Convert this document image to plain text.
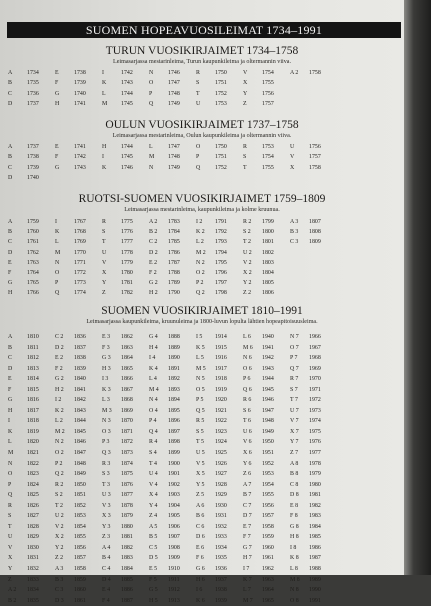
SUOMEN HOPEAVUOSILEIMAT 1734–1991
TURUN VUOSIKIRJAIMET 1734–1758
Leimasarjassa mestarinleima, Turun kaupunkileima ja oltermannin viiva.
A	1734	E	1738	I	1742	N	1746	R	1750	V	1754	A 2	1758
B	1735	F	1739	K	1743	O	1747	S	1751	X	1755
C	1736	G	1740	L	1744	P	1748	T	1752	Y	1756
D	1737	H	1741	M	1745	Q	1749	U	1753	Z	1757
OULUN VUOSIKIRJAIMET 1737–1758
Leimasarjassa mestarinleima, Oulun kaupunkileima ja oltermannin viiva.
A	1737	E	1741	H	1744	L	1747	O	1750	R	1753	U	1756
B	1738	F	1742	I	1745	M	1748	P	1751	S	1754	V	1757
C	1739	G	1743	K	1746	N	1749	Q	1752	T	1755	X	1758
D	1740
RUOTSI-SUOMEN VUOSIKIRJAIMET 1759–1809
Leimasarjassa mestarinleima, kaupunkileima ja kolme kruunua.
A	1759	I	1767	R	1775	A 2	1783	I 2	1791	R 2	1799	A 3	1807
B	1760	K	1768	S	1776	B 2	1784	K 2	1792	S 2	1800	B 3	1808
C	1761	L	1769	T	1777	C 2	1785	L 2	1793	T 2	1801	C 3	1809
D	1762	M	1770	U	1778	D 2	1786	M 2	1794	U 2	1802
E	1763	N	1771	V	1779	E 2	1787	N 2	1795	V 2	1803
F	1764	O	1772	X	1780	F 2	1788	O 2	1796	X 2	1804
G	1765	P	1773	Y	1781	G 2	1789	P 2	1797	Y 2	1805
H	1766	Q	1774	Z	1782	H 2	1790	Q 2	1798	Z 2	1806
SUOMEN VUOSIKIRJAIMET 1810–1991
Leimasarjassa kaupunkileima, kruunuleima ja 1800-luvun lopulta lähtien hopeapitoisuusleima.
A	1810	C 2	1836	E 3	1862	G 4	1888	I 5	1914	L 6	1940	N 7	1966
B	1811	D 2	1837	F 3	1863	H 4	1889	K 5	1915	M 6	1941	O 7	1967
C	1812	E 2	1838	G 3	1864	I 4	1890	L 5	1916	N 6	1942	P 7	1968
D	1813	F 2	1839	H 3	1865	K 4	1891	M 5	1917	O 6	1943	Q 7	1969
E	1814	G 2	1840	I 3	1866	L 4	1892	N 5	1918	P 6	1944	R 7	1970
F	1815	H 2	1841	K 3	1867	M 4	1893	O 5	1919	Q 6	1945	S 7	1971
G	1816	I 2	1842	L 3	1868	N 4	1894	P 5	1920	R 6	1946	T 7	1972
H	1817	K 2	1843	M 3	1869	O 4	1895	Q 5	1921	S 6	1947	U 7	1973
I	1818	L 2	1844	N 3	1870	P 4	1896	R 5	1922	T 6	1948	V 7	1974
K	1819	M 2	1845	O 3	1871	Q 4	1897	S 5	1923	U 6	1949	X 7	1975
L	1820	N 2	1846	P 3	1872	R 4	1898	T 5	1924	V 6	1950	Y 7	1976
M	1821	O 2	1847	Q 3	1873	S 4	1899	U 5	1925	X 6	1951	Z 7	1977
N	1822	P 2	1848	R 3	1874	T 4	1900	V 5	1926	Y 6	1952	A 8	1978
O	1823	Q 2	1849	S 3	1875	U 4	1901	X 5	1927	Z 6	1953	B 8	1979
P	1824	R 2	1850	T 3	1876	V 4	1902	Y 5	1928	A 7	1954	C 8	1980
Q	1825	S 2	1851	U 3	1877	X 4	1903	Z 5	1929	B 7	1955	D 8	1981
R	1826	T 2	1852	V 3	1878	Y 4	1904	A 6	1930	C 7	1956	E 8	1982
S	1827	U 2	1853	X 3	1879	Z 4	1905	B 6	1931	D 7	1957	F 8	1983
T	1828	V 2	1854	Y 3	1880	A 5	1906	C 6	1932	E 7	1958	G 8	1984
U	1829	X 2	1855	Z 3	1881	B 5	1907	D 6	1933	F 7	1959	H 8	1985
V	1830	Y 2	1856	A 4	1882	C 5	1908	E 6	1934	G 7	1960	I 8	1986
X	1831	Z 2	1857	B 4	1883	D 5	1909	F 6	1935	H 7	1961	K 8	1987
Y	1832	A 3	1858	C 4	1884	E 5	1910	G 6	1936	I 7	1962	L 8	1988
Z	1833	B 3	1859	D 4	1885	F 5	1911	H 6	1937	K 7	1963	M 8	1989
A 2	1834	C 3	1860	E 4	1886	G 5	1912	I 6	1938	L 7	1964	N 8	1990
B 2	1835	D 3	1861	F 4	1887	H 5	1913	K 6	1939	M 7	1965	O 8	1991
